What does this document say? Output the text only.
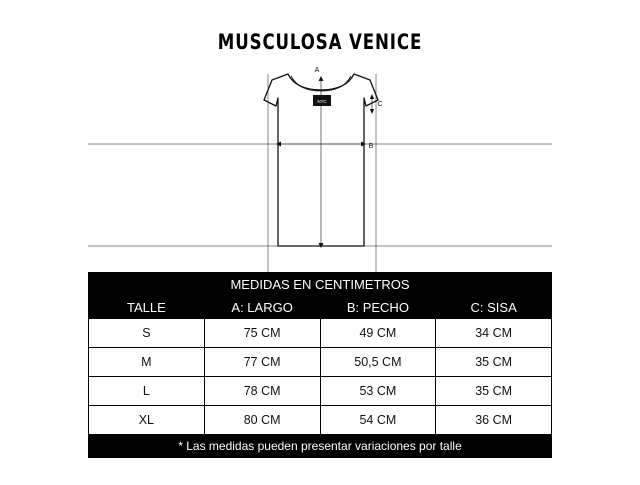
MUSCULOSA VENICE
NTC
A
B
C
MEDIDAS EN CENTIMETROS			
TALLE	A: LARGO	B: PECHO	C: SISA
S	75 CM	49 CM	34 CM
M	77 CM	50,5 CM	35 CM
L	78 CM	53 CM	35 CM
XL	80 CM	54 CM	36 CM
* Las medidas pueden presentar variaciones por talle			
